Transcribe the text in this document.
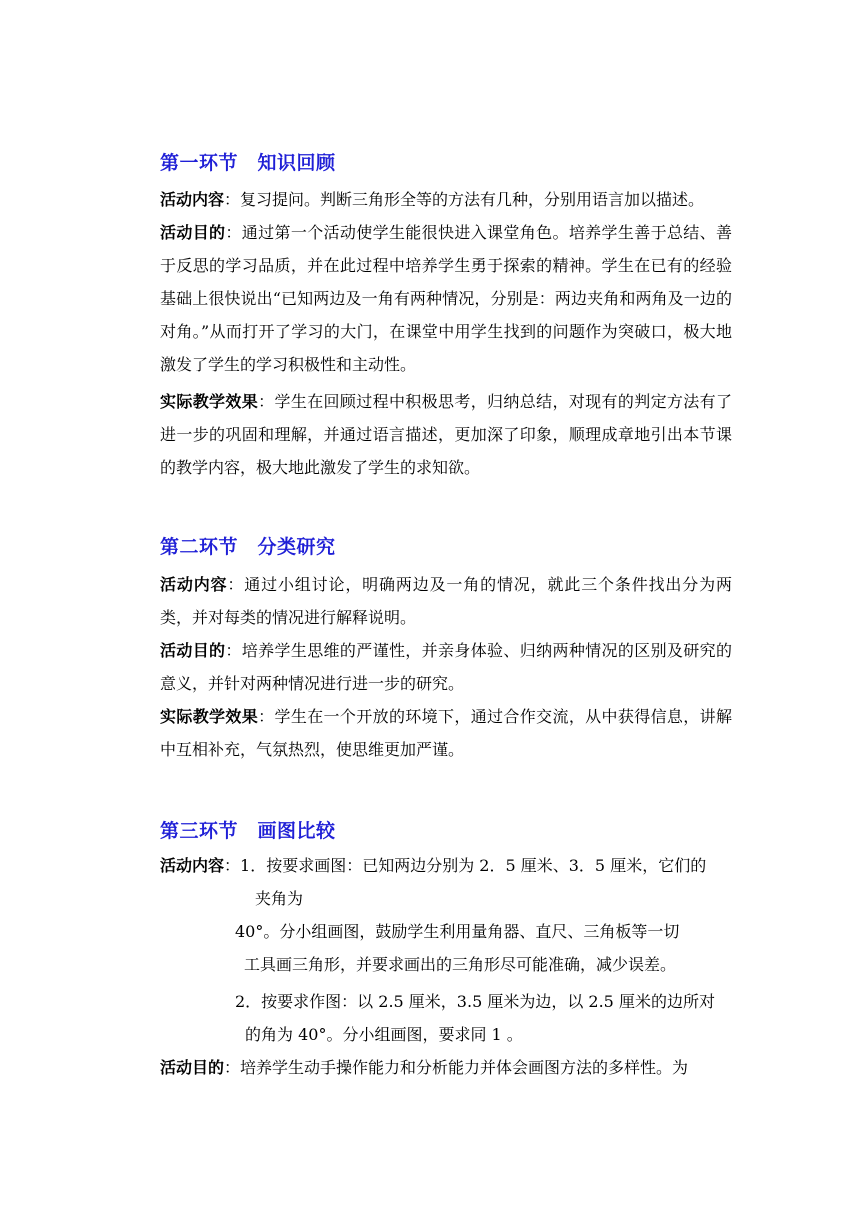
第一环节　知识回顾
活动内容：复习提问。判断三角形全等的方法有几种，分别用语言加以描述。
活动目的：通过第一个活动使学生能很快进入课堂角色。培养学生善于总结、善于反思的学习品质，并在此过程中培养学生勇于探索的精神。学生在已有的经验基础上很快说出“已知两边及一角有两种情况，分别是：两边夹角和两角及一边的对角。”从而打开了学习的大门，在课堂中用学生找到的问题作为突破口，极大地激发了学生的学习积极性和主动性。
实际教学效果：学生在回顾过程中积极思考，归纳总结，对现有的判定方法有了进一步的巩固和理解，并通过语言描述，更加深了印象，顺理成章地引出本节课的教学内容，极大地此激发了学生的求知欲。
第二环节　分类研究
活动内容：通过小组讨论，明确两边及一角的情况，就此三个条件找出分为两类，并对每类的情况进行解释说明。
活动目的：培养学生思维的严谨性，并亲身体验、归纳两种情况的区别及研究的意义，并针对两种情况进行进一步的研究。
实际教学效果：学生在一个开放的环境下，通过合作交流，从中获得信息，讲解中互相补充，气氛热烈，使思维更加严谨。
第三环节　画图比较
活动内容：1．按要求画图：已知两边分别为 2．5 厘米、3．5 厘米，它们的
夹角为
40°。分小组画图，鼓励学生利用量角器、直尺、三角板等一切
工具画三角形，并要求画出的三角形尽可能准确，减少误差。
2．按要求作图：以 2.5 厘米，3.5 厘米为边，以 2.5 厘米的边所对
的角为 40°。分小组画图，要求同 1 。
活动目的：培养学生动手操作能力和分析能力并体会画图方法的多样性。为
